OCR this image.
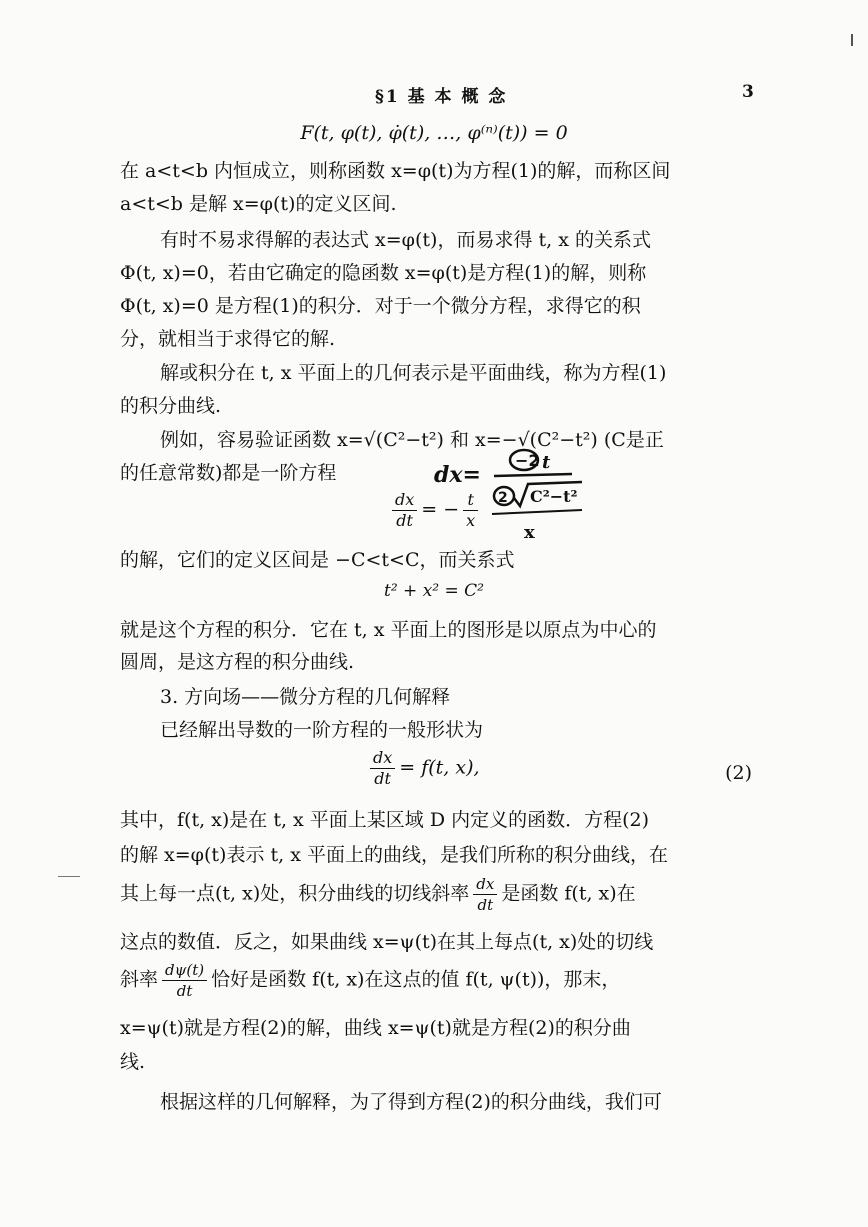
§1 基 本 概 念	3
F(t, φ(t), φ̇(t), …, φ⁽ⁿ⁾(t)) = 0
在 a<t<b 内恒成立，则称函数 x=φ(t)为方程(1)的解，而称区间
a<t<b 是解 x=φ(t)的定义区间.
有时不易求得解的表达式 x=φ(t)，而易求得 t, x 的关系式
Φ(t, x)=0，若由它确定的隐函数 x=φ(t)是方程(1)的解，则称
Φ(t, x)=0 是方程(1)的积分．对于一个微分方程，求得它的积
分，就相当于求得它的解.
解或积分在 t, x 平面上的几何表示是平面曲线，称为方程(1)
的积分曲线.
例如，容易验证函数 x=√(C²−t²) 和 x=−√(C²−t²) (C是正
的任意常数)都是一阶方程	dx=
−2 t
2 C²−t²
x
$\frac{dx}{dt}$ = − $\frac{t}{x}$
的解，它们的定义区间是 −C<t<C，而关系式
t² + x² = C²
就是这个方程的积分．它在 t, x 平面上的图形是以原点为中心的
圆周，是这方程的积分曲线.
3. 方向场——微分方程的几何解释
已经解出导数的一阶方程的一般形状为
$\frac{dx}{dt} = f(t$, x),	(2)
其中，f(t, x)是在 t, x 平面上某区域 D 内定义的函数．方程(2)
的解 x=φ(t)表示 t, x 平面上的曲线，是我们所称的积分曲线，在
其上每一点(t, x)处，积分曲线的切线斜率 $\frac{dx}{dt}$ 是函数 f(t, x)在
这点的数值．反之，如果曲线 x=ψ(t)在其上每点(t, x)处的切线
斜率 $\frac{d\psi(t)}{dt}$ 恰好是函数 f(t, x)在这点的值 f(t, ψ(t))，那末，
x=ψ(t)就是方程(2)的解，曲线 x=ψ(t)就是方程(2)的积分曲
线.
根据这样的几何解释，为了得到方程(2)的积分曲线，我们可
